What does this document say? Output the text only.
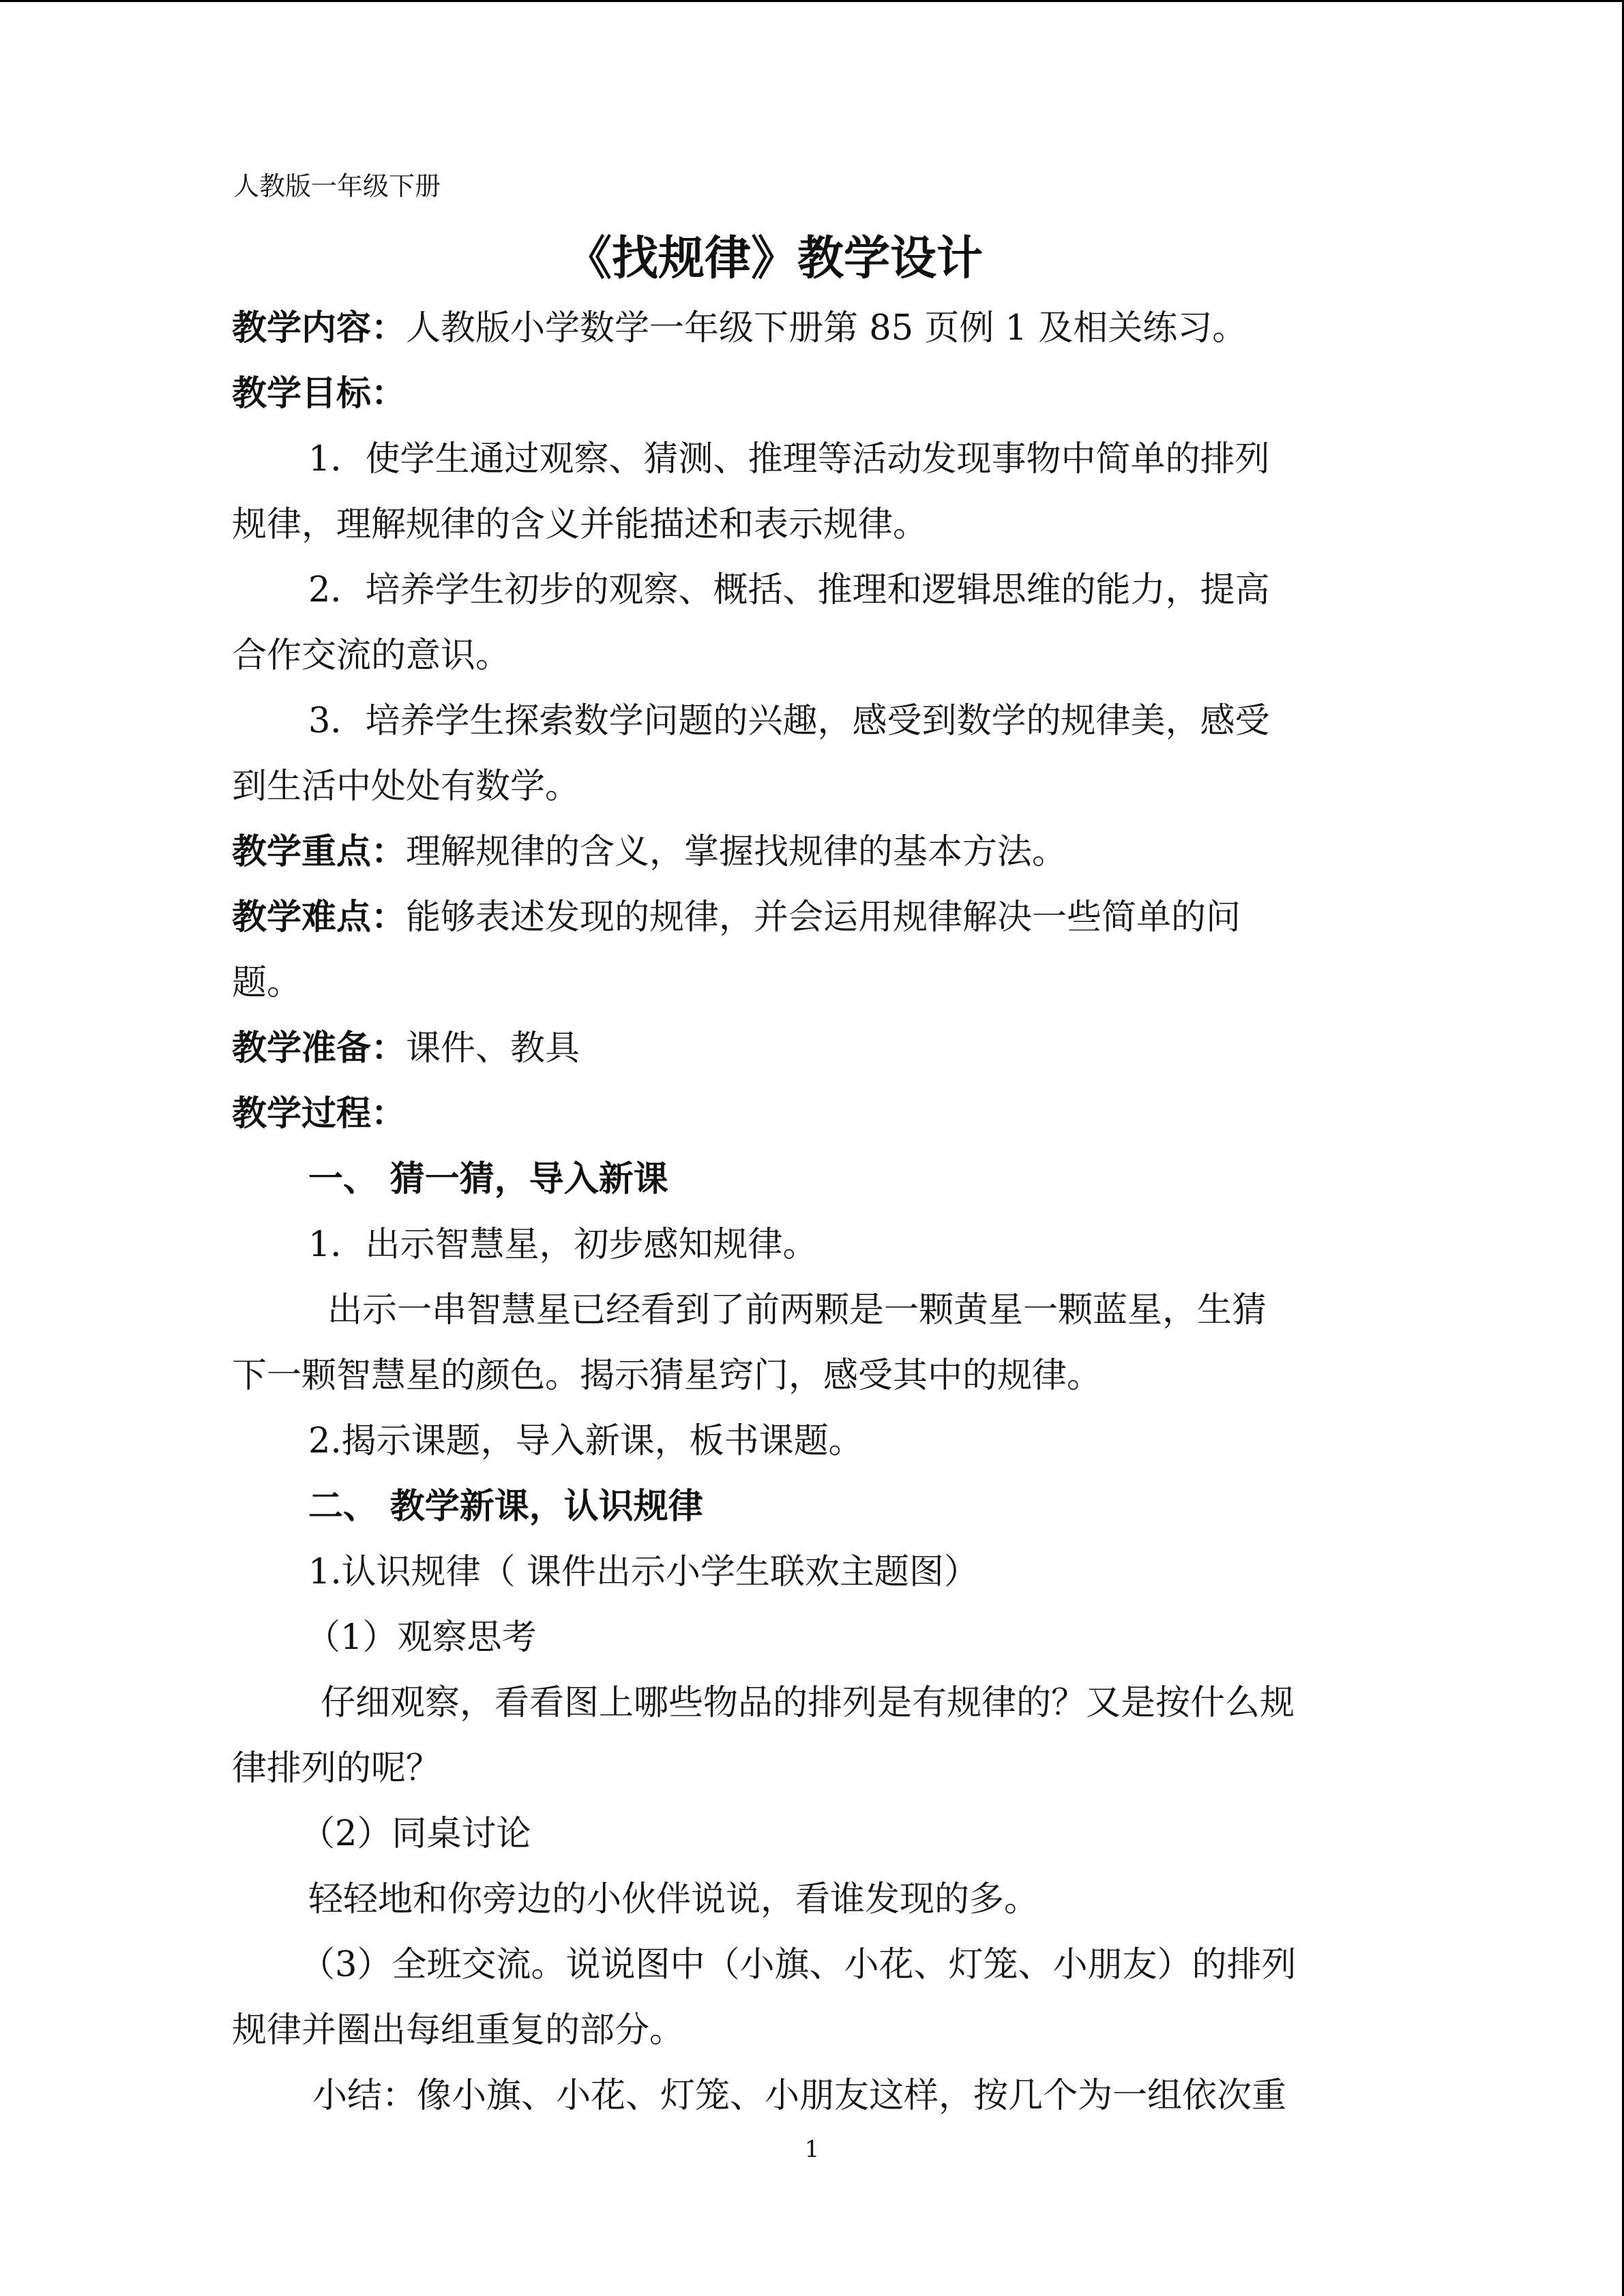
人教版一年级下册
《找规律》教学设计
教学内容：人教版小学数学一年级下册第 85 页例 1 及相关练习。
教学目标：
1．使学生通过观察、猜测、推理等活动发现事物中简单的排列
规律，理解规律的含义并能描述和表示规律。
2．培养学生初步的观察、概括、推理和逻辑思维的能力，提高
合作交流的意识。
3．培养学生探索数学问题的兴趣，感受到数学的规律美，感受
到生活中处处有数学。
教学重点：理解规律的含义，掌握找规律的基本方法。
教学难点：能够表述发现的规律，并会运用规律解决一些简单的问
题。
教学准备：课件、教具
教学过程：
一、 猜一猜，导入新课
1．出示智慧星，初步感知规律。
出示一串智慧星已经看到了前两颗是一颗黄星一颗蓝星，生猜
下一颗智慧星的颜色。揭示猜星窍门，感受其中的规律。
2.揭示课题，导入新课，板书课题。
二、 教学新课，认识规律
1.认识规律（ 课件出示小学生联欢主题图）
（1）观察思考
仔细观察，看看图上哪些物品的排列是有规律的？又是按什么规
律排列的呢？
（2）同桌讨论
轻轻地和你旁边的小伙伴说说，看谁发现的多。
（3）全班交流。说说图中（小旗、小花、灯笼、小朋友）的排列
规律并圈出每组重复的部分。
小结：像小旗、小花、灯笼、小朋友这样，按几个为一组依次重
1
